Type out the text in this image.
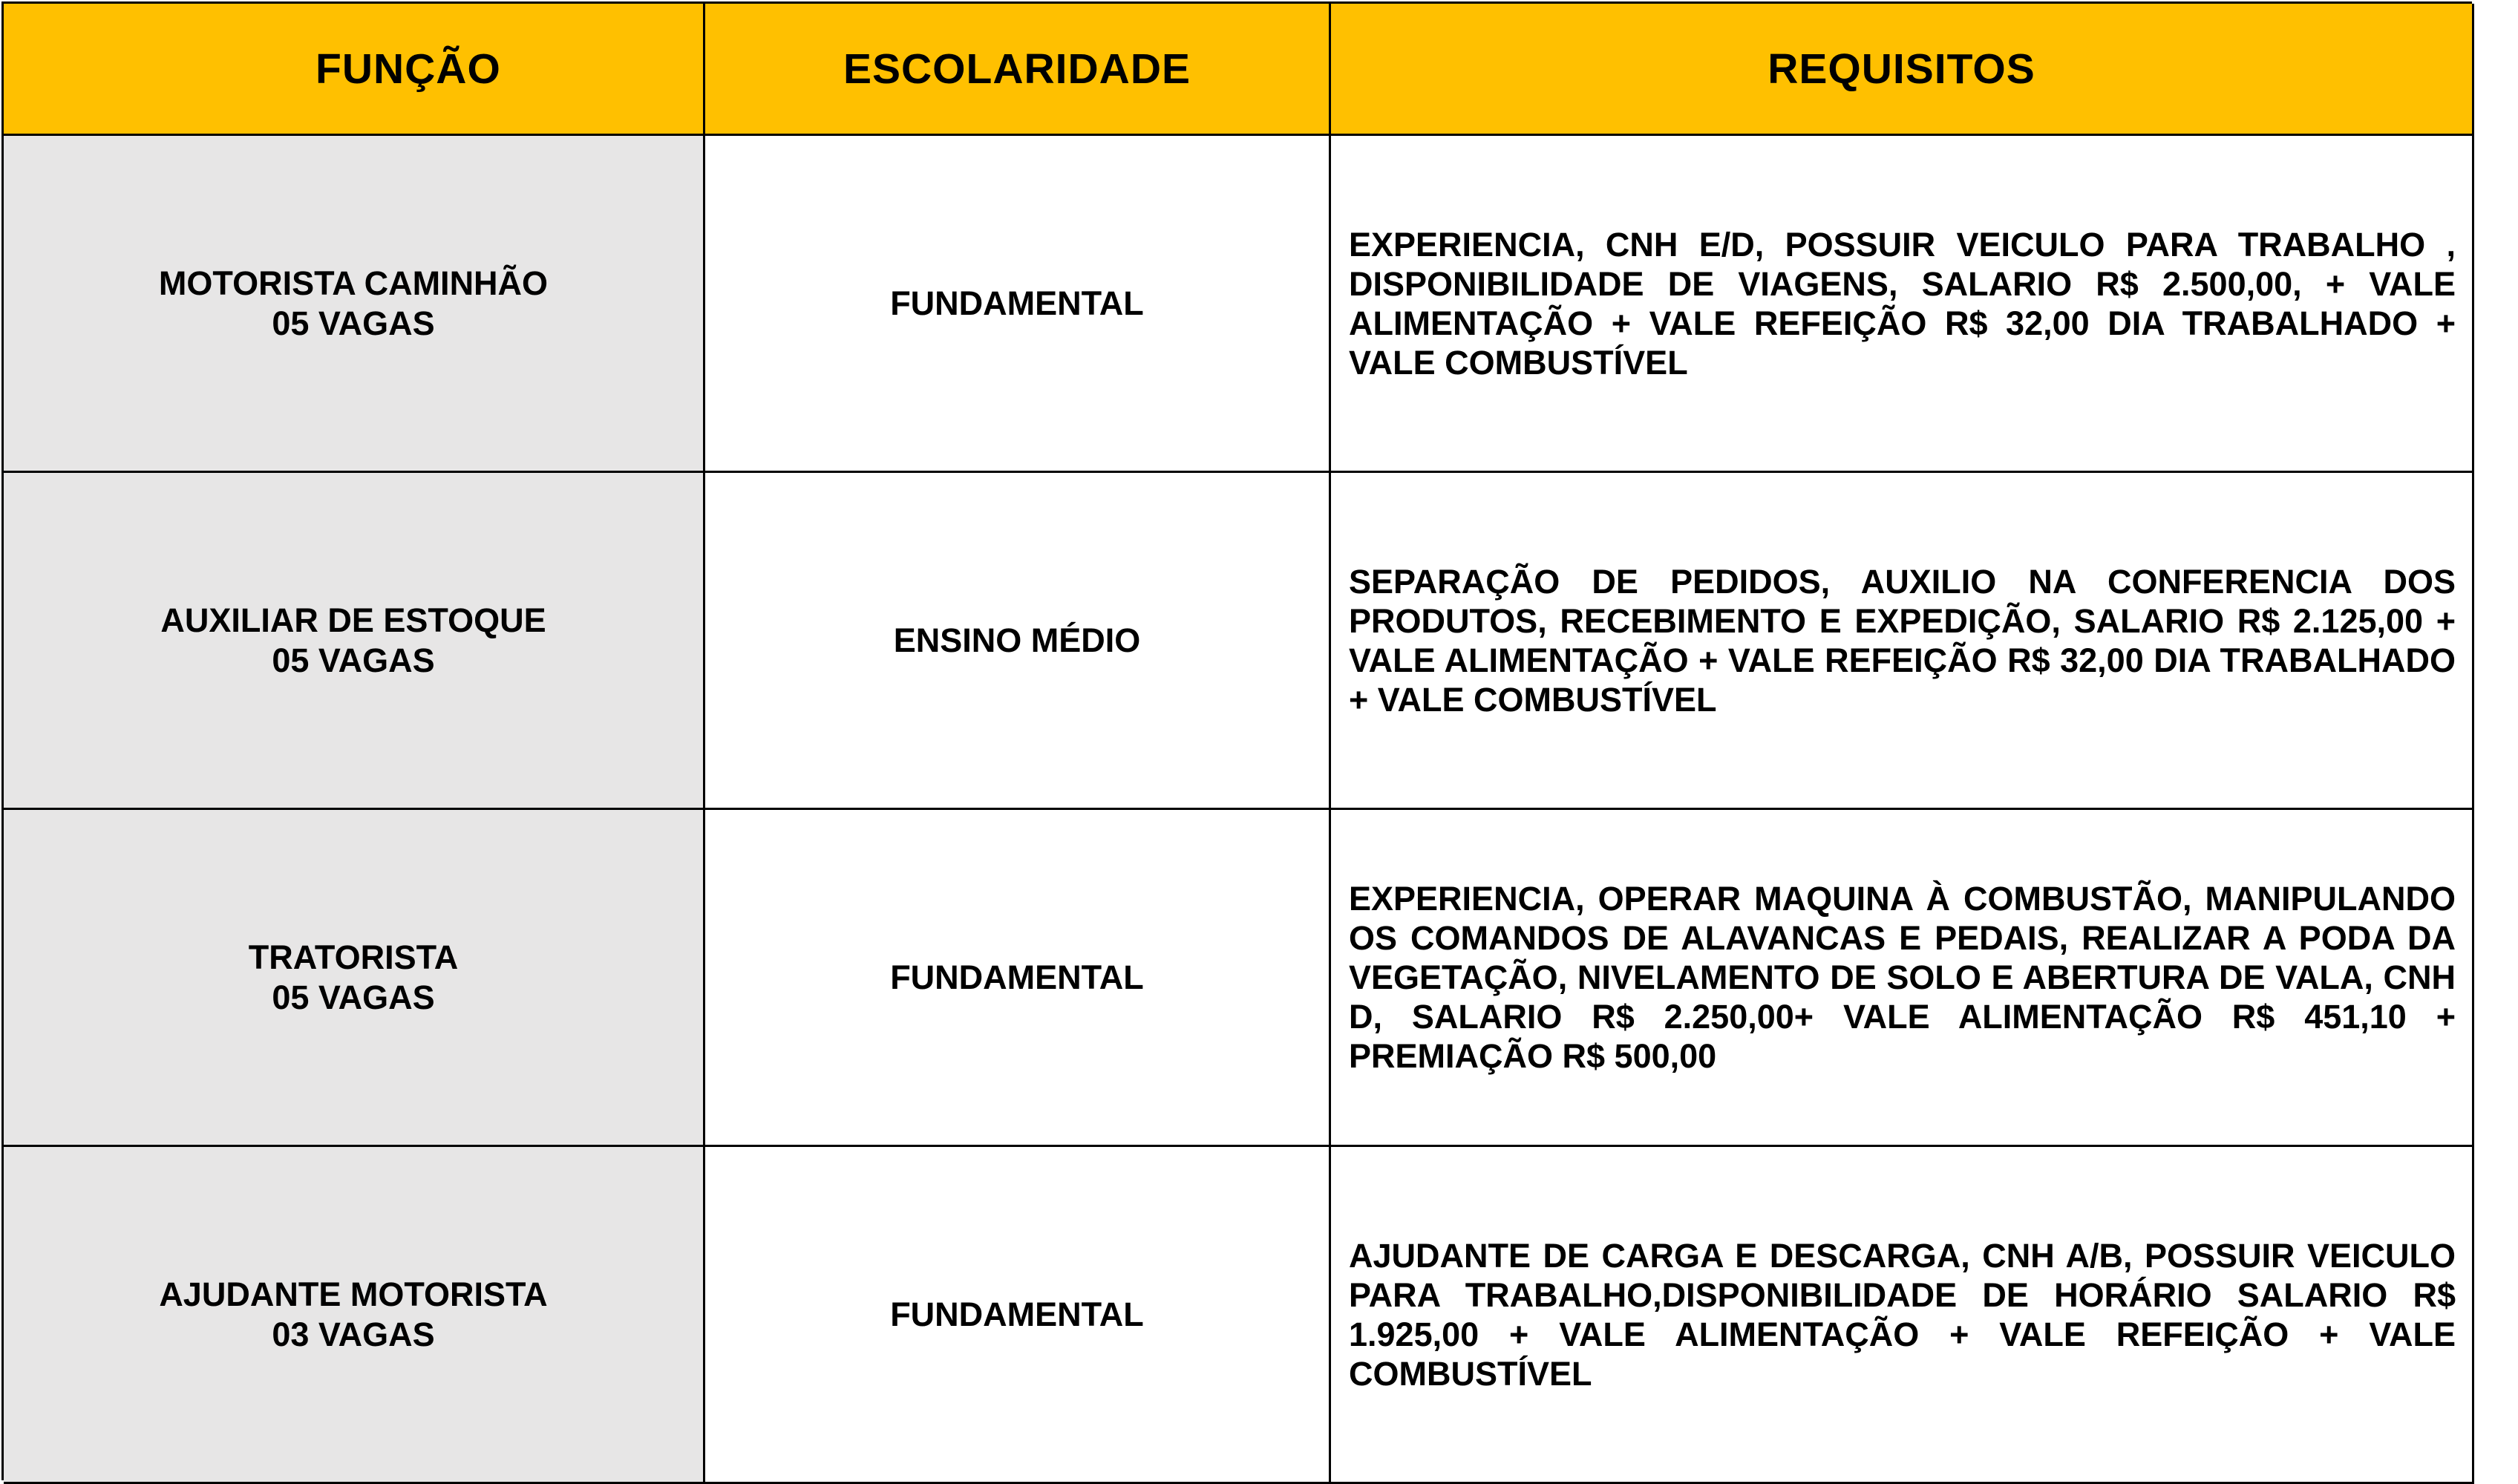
FUNÇÃO	ESCOLARIDADE	REQUISITOS
MOTORISTA CAMINHÃO
05 VAGAS
FUNDAMENTAL

EXPERIENCIA, CNH E/D, POSSUIR VEICULO PARA TRABALHO , DISPONIBILIDADE DE VIAGENS, SALARIO R$ 2.500,00, + VALE ALIMENTAÇÃO + VALE REFEIÇÃO R$ 32,00 DIA TRABALHADO + VALE COMBUSTÍVEL

AUXILIAR DE ESTOQUE
05 VAGAS
ENSINO MÉDIO

SEPARAÇÃO DE PEDIDOS, AUXILIO NA CONFERENCIA DOS PRODUTOS, RECEBIMENTO E EXPEDIÇÃO, SALARIO R$ 2.125,00 + VALE ALIMENTAÇÃO + VALE REFEIÇÃO R$ 32,00 DIA TRABALHADO + VALE COMBUSTÍVEL

TRATORISTA
05 VAGAS
FUNDAMENTAL

EXPERIENCIA, OPERAR MAQUINA À COMBUSTÃO, MANIPULANDO OS COMANDOS DE ALAVANCAS E PEDAIS, REALIZAR A PODA DA VEGETAÇÃO, NIVELAMENTO DE SOLO E ABERTURA DE VALA, CNH D, SALARIO R$ 2.250,00+ VALE ALIMENTAÇÃO R$ 451,10 + PREMIAÇÃO R$ 500,00

AJUDANTE MOTORISTA
03 VAGAS
FUNDAMENTAL

AJUDANTE DE CARGA E DESCARGA, CNH A/B, POSSUIR VEICULO PARA TRABALHO,DISPONIBILIDADE DE HORÁRIO SALARIO R$ 1.925,00 + VALE ALIMENTAÇÃO + VALE REFEIÇÃO + VALE COMBUSTÍVEL
